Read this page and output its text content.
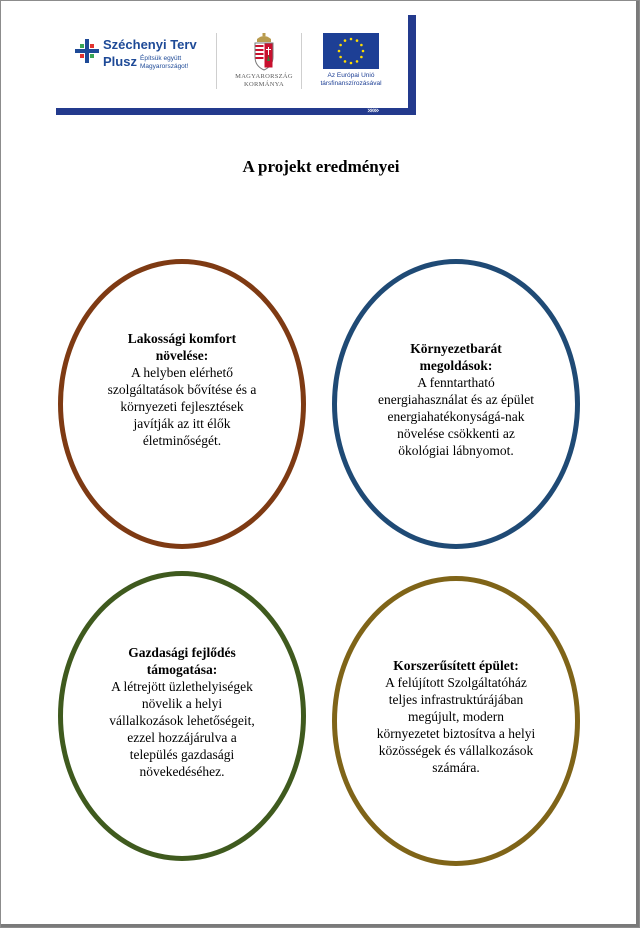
»»»
Széchenyi Terv
Plusz Építsük együtt
Magyarországot!
MAGYARORSZÁG
KORMÁNYA
Az Európai Unió
társfinanszírozásával
A projekt eredményei
Lakossági komfort növelése:
A helyben elérhető szolgáltatások bővítése és a környezeti fejlesztések javítják az itt élők életminőségét.
Környezetbarát megoldások:
A fenntartható energiahasználat és az épület energiahatékonyságá-nak növelése csökkenti az ökológiai lábnyomot.
Gazdasági fejlődés támogatása:
A létrejött üzlethelyiségek növelik a helyi vállalkozások lehetőségeit, ezzel hozzájárulva a település gazdasági növekedéséhez.
Korszerűsített épület:
A felújított Szolgáltatóház teljes infrastruktúrájában megújult, modern környezetet biztosítva a helyi közösségek és vállalkozások számára.
